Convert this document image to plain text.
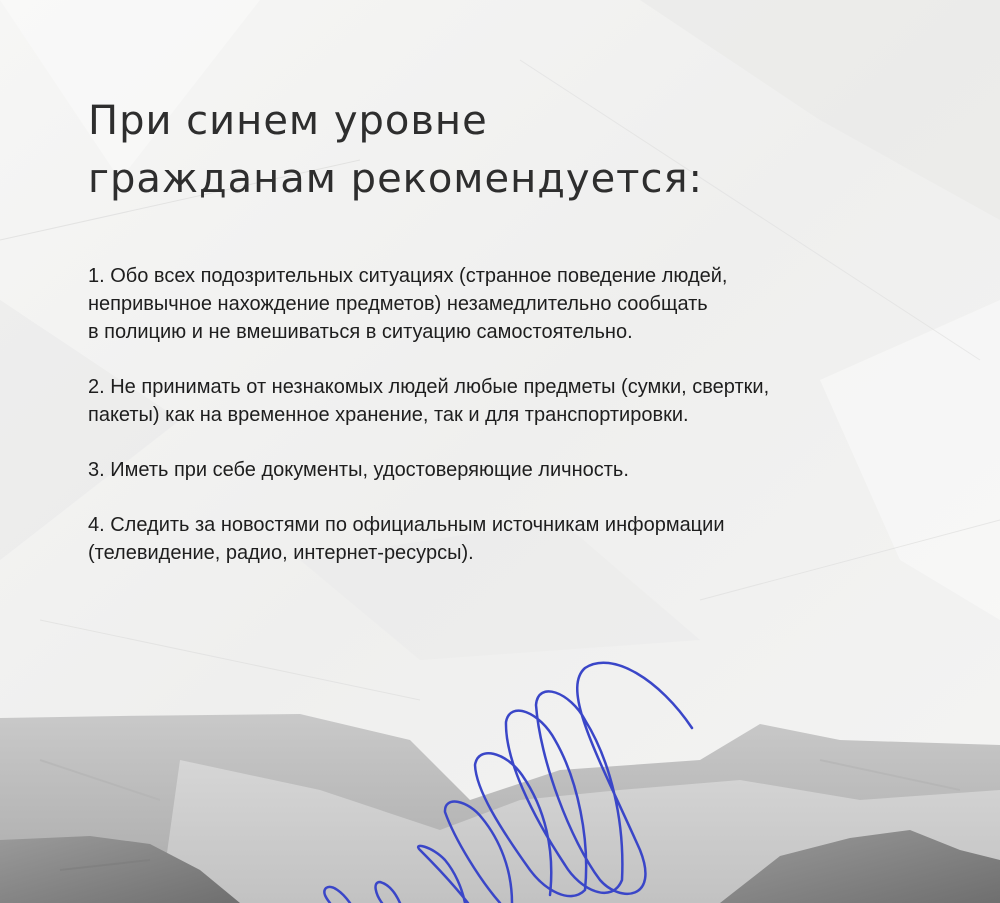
При синем уровне
гражданам рекомендуется:
1. Обо всех подозрительных ситуациях (странное поведение людей,
непривычное нахождение предметов) незамедлительно сообщать
в полицию и не вмешиваться в ситуацию самостоятельно.
2. Не принимать от незнакомых людей любые предметы (сумки, свертки,
пакеты) как на временное хранение, так и для транспортировки.
3. Иметь при себе документы, удостоверяющие личность.
4. Следить за новостями по официальным источникам информации
(телевидение, радио, интернет-ресурсы).
